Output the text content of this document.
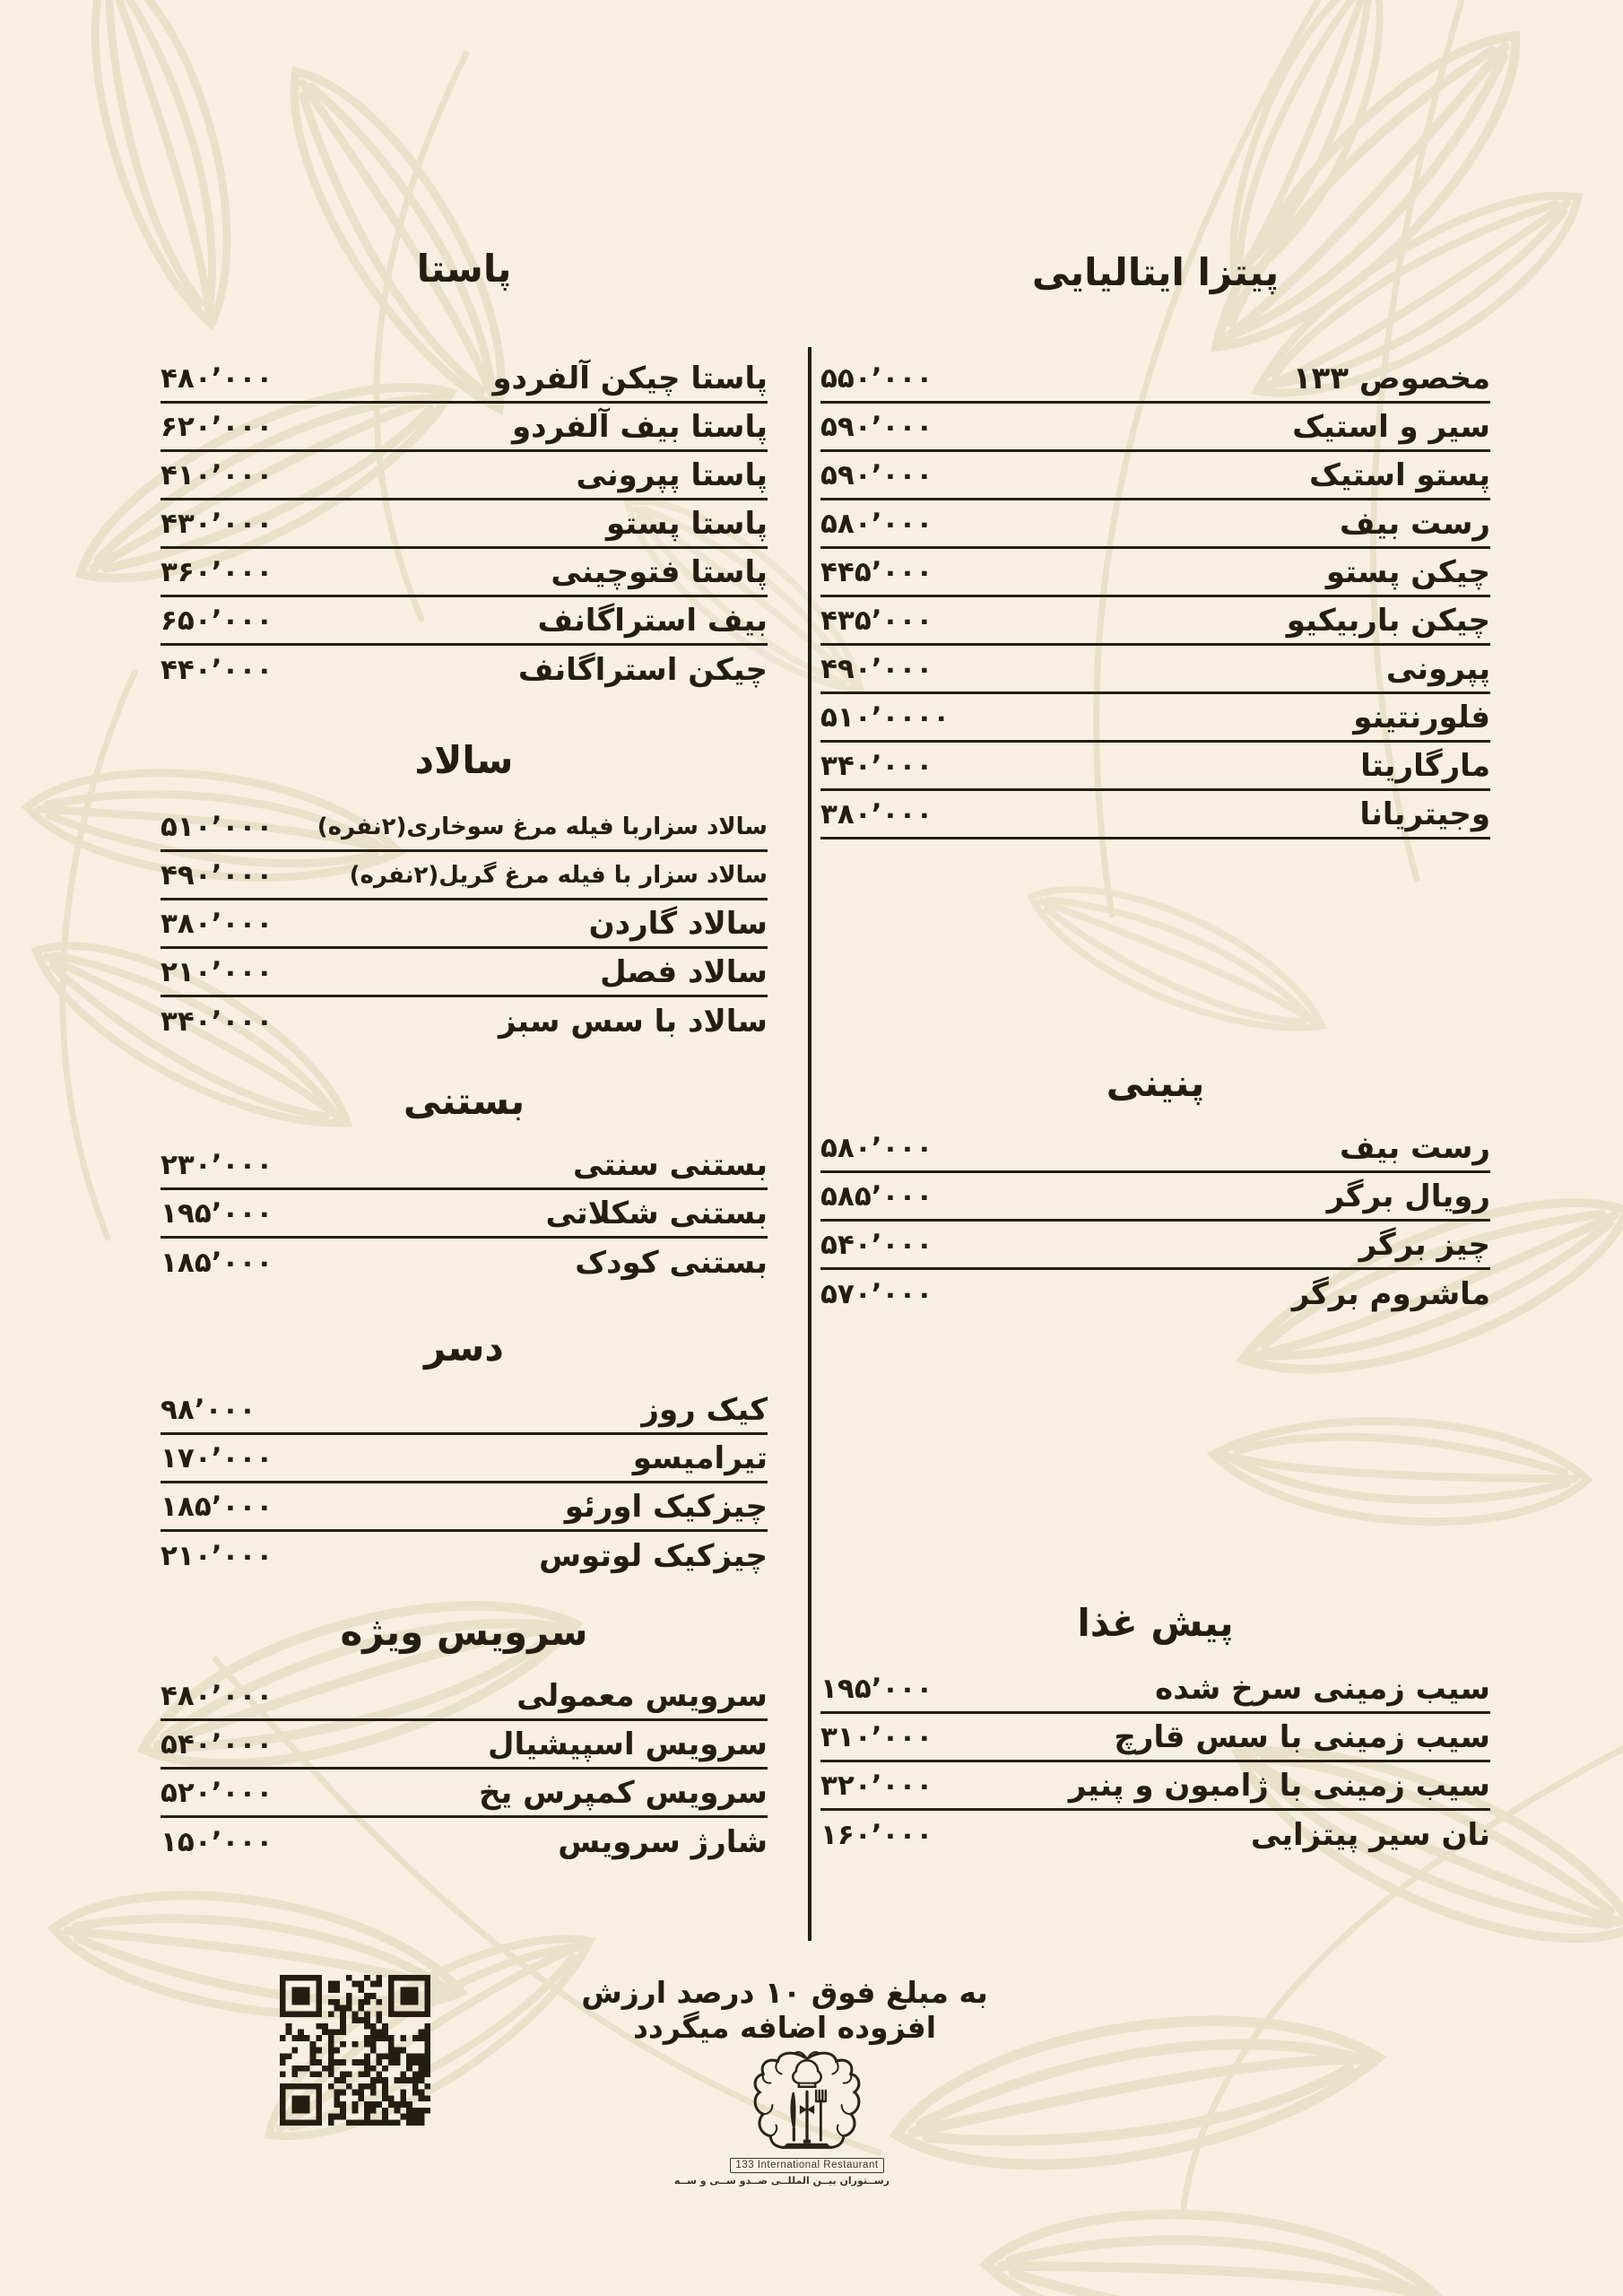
پاستا
پاستا چیکن آلفردو
۴۸۰٬۰۰۰
پاستا بیف آلفردو
۶۲۰٬۰۰۰
پاستا پپرونی
۴۱۰٬۰۰۰
پاستا پستو
۴۳۰٬۰۰۰
پاستا فتوچینی
۳۶۰٬۰۰۰
بیف استراگانف
۶۵۰٬۰۰۰
چیکن استراگانف
۴۴۰٬۰۰۰
سالاد
سالاد سزاربا فیله مرغ سوخاری(۲نفره)
۵۱۰٬۰۰۰
سالاد سزار با فیله مرغ گریل(۲نفره)
۴۹۰٬۰۰۰
سالاد گاردن
۳۸۰٬۰۰۰
سالاد فصل
۲۱۰٬۰۰۰
سالاد با سس سبز
۳۴۰٬۰۰۰
بستنی
بستنی سنتی
۲۳۰٬۰۰۰
بستنی شکلاتی
۱۹۵٬۰۰۰
بستنی کودک
۱۸۵٬۰۰۰
دسر
کیک روز
۹۸٬۰۰۰
تیرامیسو
۱۷۰٬۰۰۰
چیزکیک اورئو
۱۸۵٬۰۰۰
چیزکیک لوتوس
۲۱۰٬۰۰۰
سرویس ویژه
سرویس معمولی
۴۸۰٬۰۰۰
سرویس اسپیشیال
۵۴۰٬۰۰۰
سرویس کمپرس یخ
۵۲۰٬۰۰۰
شارژ سرویس
۱۵۰٬۰۰۰
پیتزا ایتالیایی
مخصوص ۱۳۳
۵۵۰٬۰۰۰
سیر و استیک
۵۹۰٬۰۰۰
پستو استیک
۵۹۰٬۰۰۰
رست بیف
۵۸۰٬۰۰۰
چیکن پستو
۴۴۵٬۰۰۰
چیکن باربیکیو
۴۳۵٬۰۰۰
پپرونی
۴۹۰٬۰۰۰
فلورنتینو
۵۱۰٬۰۰۰۰
مارگاریتا
۳۴۰٬۰۰۰
وجیتریانا
۳۸۰٬۰۰۰
پنینی
رست بیف
۵۸۰٬۰۰۰
رویال برگر
۵۸۵٬۰۰۰
چیز برگر
۵۴۰٬۰۰۰
ماشروم برگر
۵۷۰٬۰۰۰
پیش غذا
سیب زمینی سرخ شده
۱۹۵٬۰۰۰
سیب زمینی با سس قارچ
۳۱۰٬۰۰۰
سیب زمینی با ژامبون و پنیر
۳۲۰٬۰۰۰
نان سیر پیتزایی
۱۶۰٬۰۰۰
به مبلغ فوق ۱۰ درصد ارزش افزوده اضافه میگردد
133 International Restaurant
رســتوران بیــن المللــی صــدو ســی و ســه
